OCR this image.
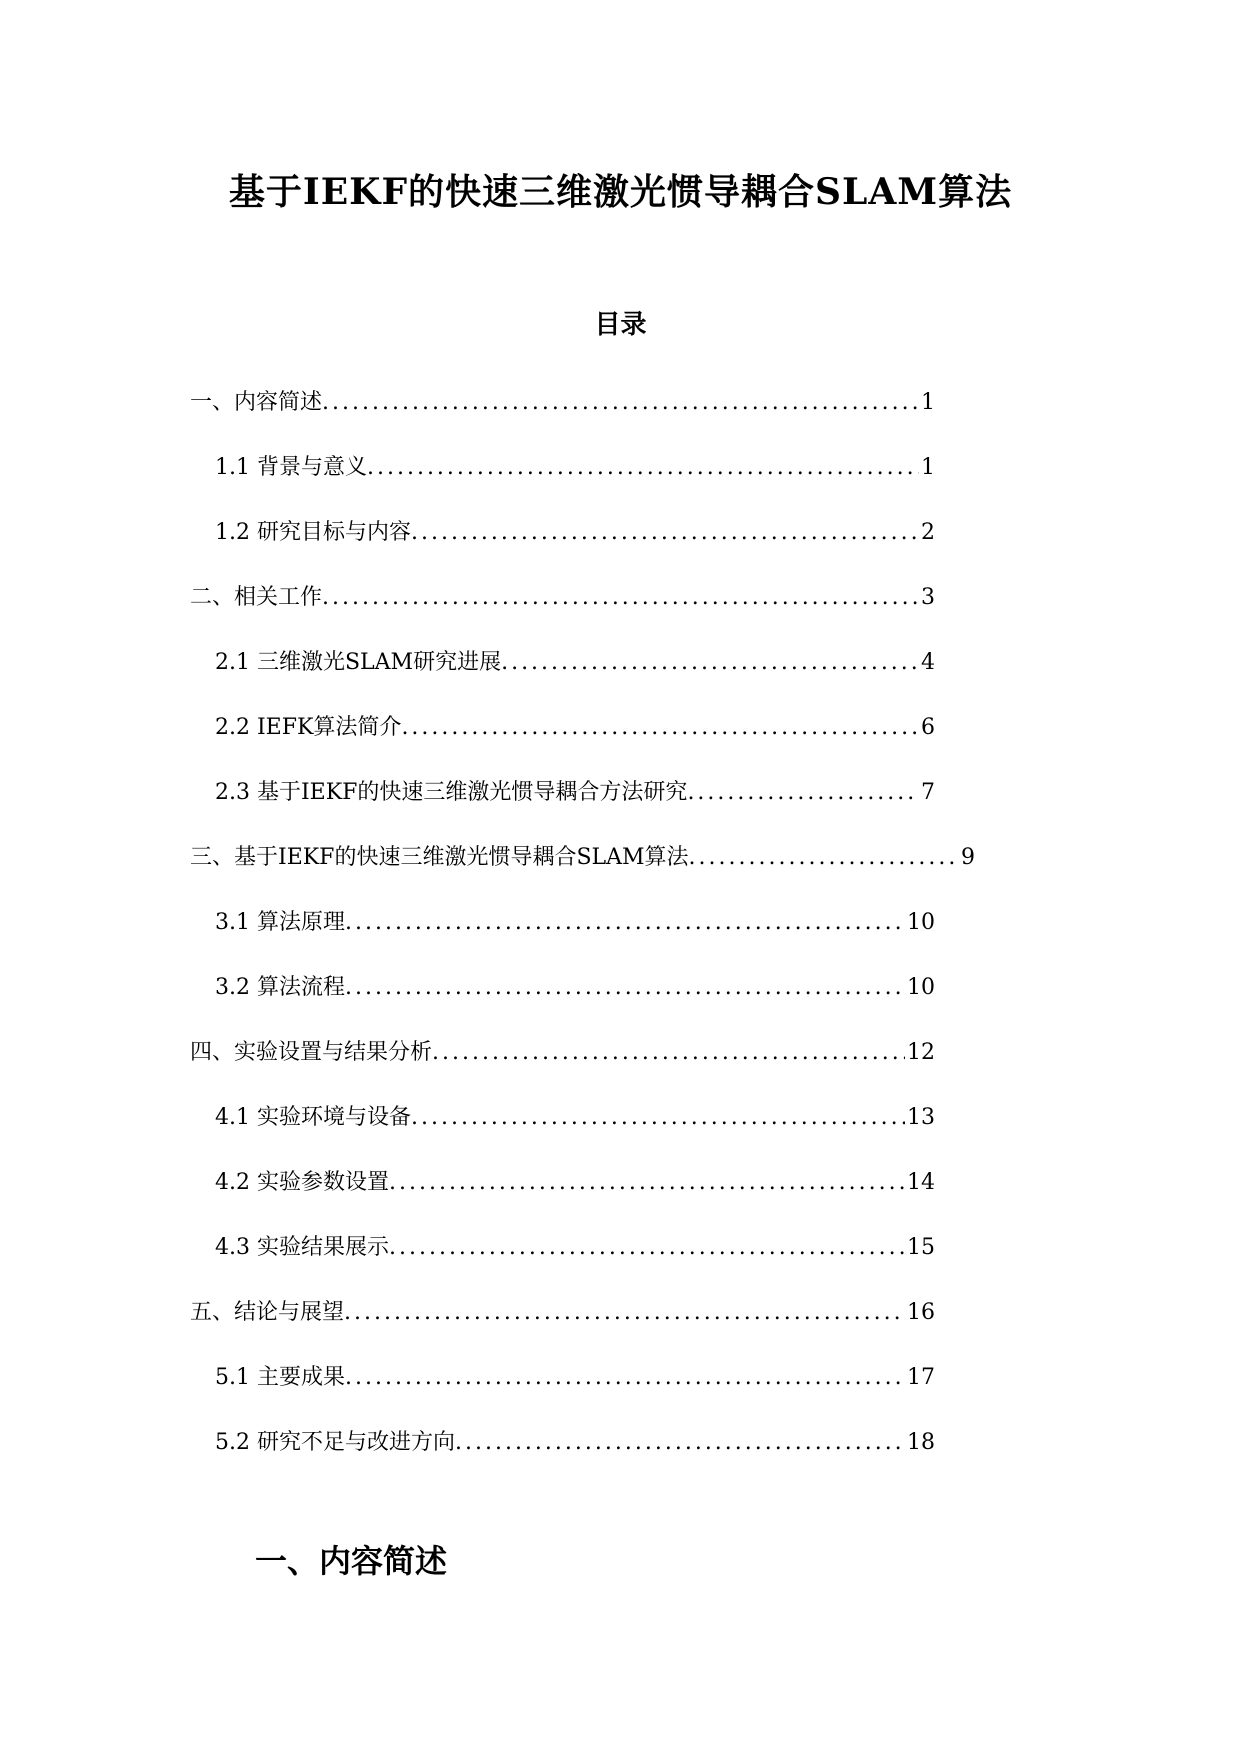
基于IEKF的快速三维激光惯导耦合SLAM算法
目录
一、内容简述 .....	1
1.1 背景与意义 .....	1
1.2 研究目标与内容 .....	2
二、相关工作 .....	3
2.1 三维激光SLAM研究进展 .....	4
2.2 IEFK算法简介 .....	6
2.3 基于IEKF的快速三维激光惯导耦合方法研究 .....	7
三、基于IEKF的快速三维激光惯导耦合SLAM算法 .....	9
3.1 算法原理 .....	10
3.2 算法流程 .....	10
四、实验设置与结果分析 .....	12
4.1 实验环境与设备 .....	13
4.2 实验参数设置 .....	14
4.3 实验结果展示 .....	15
五、结论与展望 .....	16
5.1 主要成果 .....	17
5.2 研究不足与改进方向 .....	18
一、内容简述
